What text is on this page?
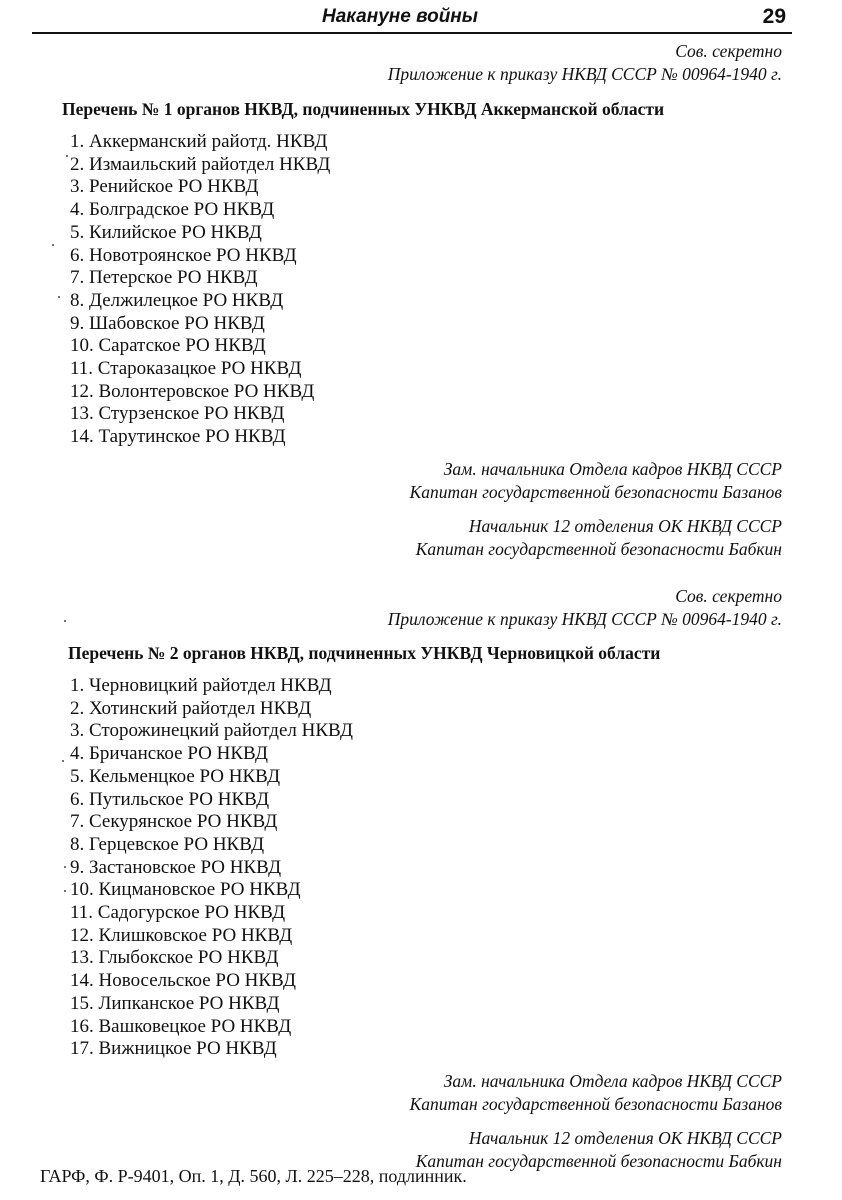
Накануне войны	29
Сов. секретно
Приложение к приказу НКВД СССР № 00964-1940 г.
Перечень № 1 органов НКВД, подчиненных УНКВД Аккерманской области
1. Аккерманский райотд. НКВД
2. Измаильский райотдел НКВД
3. Ренийское РО НКВД
4. Болградское РО НКВД
5. Килийское РО НКВД
6. Новотроянское РО НКВД
7. Петерское РО НКВД
8. Делжилецкое РО НКВД
9. Шабовское РО НКВД
10. Саратское РО НКВД
11. Староказацкое РО НКВД
12. Волонтеровское РО НКВД
13. Стурзенское РО НКВД
14. Тарутинское РО НКВД
Зам. начальника Отдела кадров НКВД СССР
Капитан государственной безопасности Базанов
Начальник 12 отделения ОК НКВД СССР
Капитан государственной безопасности Бабкин
Сов. секретно
Приложение к приказу НКВД СССР № 00964-1940 г.
Перечень № 2 органов НКВД, подчиненных УНКВД Черновицкой области
1. Черновицкий райотдел НКВД
2. Хотинский райотдел НКВД
3. Сторожинецкий райотдел НКВД
4. Бричанское РО НКВД
5. Кельменцкое РО НКВД
6. Путильское РО НКВД
7. Секурянское РО НКВД
8. Герцевское РО НКВД
9. Застановское РО НКВД
10. Кицмановское РО НКВД
11. Садогурское РО НКВД
12. Клишковское РО НКВД
13. Глыбокское РО НКВД
14. Новосельское РО НКВД
15. Липканское РО НКВД
16. Вашковецкое РО НКВД
17. Вижницкое РО НКВД
Зам. начальника Отдела кадров НКВД СССР
Капитан государственной безопасности Базанов
Начальник 12 отделения ОК НКВД СССР
Капитан государственной безопасности Бабкин
ГАРФ, Ф. Р-9401, Оп. 1, Д. 560, Л. 225–228, подлинник.
